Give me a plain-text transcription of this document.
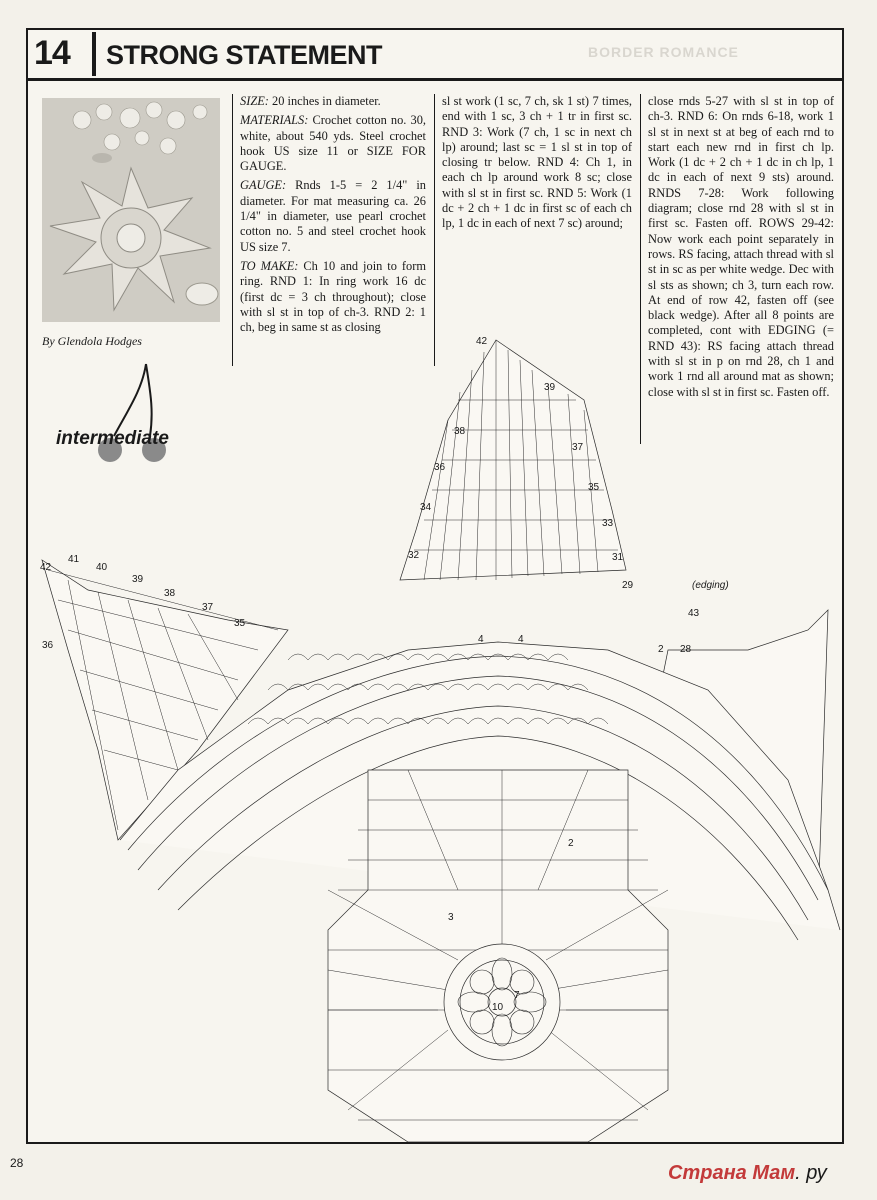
14 STRONG STATEMENT	BORDER ROMANCE
By Glendola Hodges
intermediate

SIZE: 20 inches in diameter.

MATERIALS: Crochet cotton no. 30, white, about 540 yds. Steel crochet hook US size 11 or SIZE FOR GAUGE.

GAUGE: Rnds 1-5 = 2 1/4" in diameter. For mat measuring ca. 26 1/4" in diameter, use pearl crochet cotton no. 5 and steel crochet hook US size 7.

TO MAKE: Ch 10 and join to form ring. RND 1: In ring work 16 dc (first dc = 3 ch throughout); close with sl st in top of ch-3. RND 2: 1 ch, beg in same st as closing

sl st work (1 sc, 7 ch, sk 1 st) 7 times, end with 1 sc, 3 ch + 1 tr in first sc. RND 3: Work (7 ch, 1 sc in next ch lp) around; last sc = 1 sl st in top of closing tr below. RND 4: Ch 1, in each ch lp around work 8 sc; close with sl st in first sc. RND 5: Work (1 dc + 2 ch + 1 dc in first sc of each ch lp, 1 dc in each of next 7 sc) around;
close rnds 5-27 with sl st in top of ch-3. RND 6: On rnds 6-18, work 1 sl st in next st at beg of each rnd to start each new rnd in first ch lp. Work (1 dc + 2 ch + 1 dc in ch lp, 1 dc in each of next 9 sts) around. RNDS 7-28: Work following diagram; close rnd 28 with sl st in first sc. Fasten off. ROWS 29-42: Now work each point separately in rows. RS facing, attach thread with sl st in sc as per white wedge. Dec with sl sts as shown; ch 3, turn each row. At end of row 42, fasten off (see black wedge). After all 8 points are completed, cont with EDGING (= RND 43): RS facing attach thread with sl st in p on rnd 28, ch 1 and work 1 rnd all around mat as shown; close with sl st in first sc. Fasten off.
42
39
38
37
36
35
34
33
32	31
29	(edging)
43
42
41
40
39
38
37
35
36
4	4
2 28
2
3
10
7
28	Страна Мам. ру
